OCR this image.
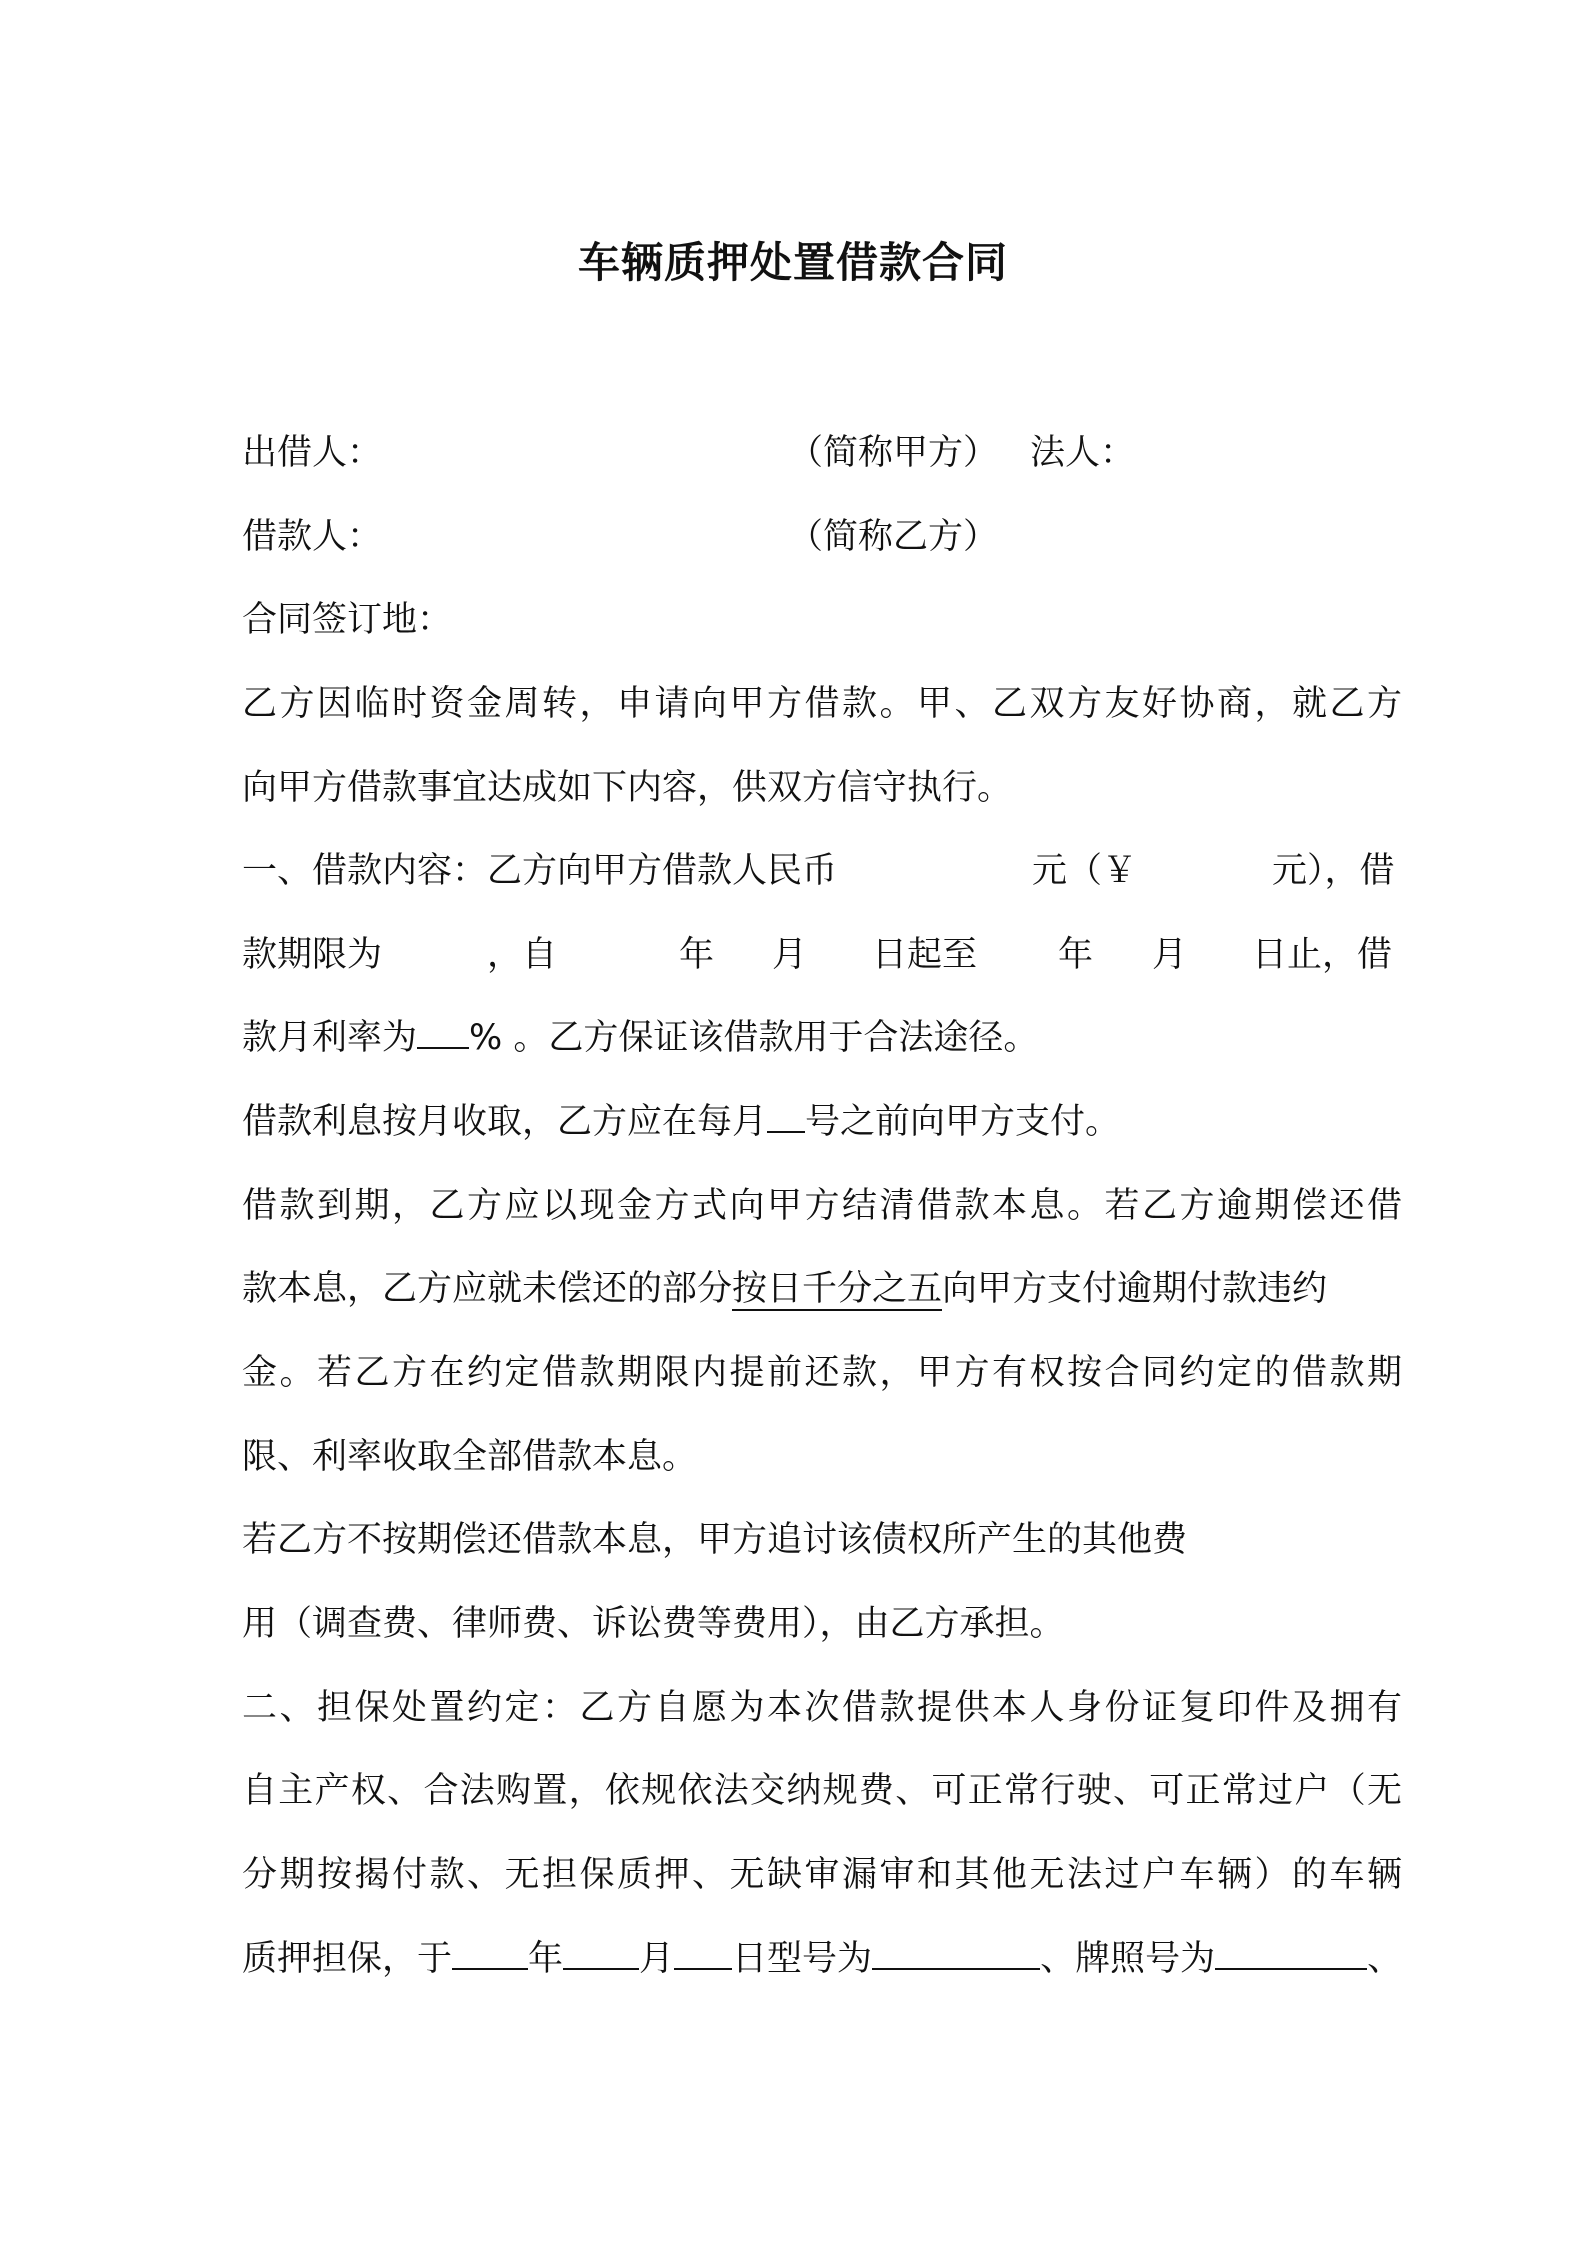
车辆质押处置借款合同
出借人：	（简称甲方） 法人：
借款人：	（简称乙方）
合同签订地：
乙方因临时资金周转，申请向甲方借款。甲、乙双方友好协商，就乙方
向甲方借款事宜达成如下内容，供双方信守执行。
一、借款内容：乙方向甲方借款人民币	元（￥	元），借
款期限为	，自	年 月 日起至 年 月 日止，借
款月利率为 % 。乙方保证该借款用于合法途径。
借款利息按月收取，乙方应在每月 号之前向甲方支付。
借款到期，乙方应以现金方式向甲方结清借款本息。若乙方逾期偿还借
款本息，乙方应就未偿还的部分按日千分之五向甲方支付逾期付款违约
金。若乙方在约定借款期限内提前还款，甲方有权按合同约定的借款期
限、利率收取全部借款本息。
若乙方不按期偿还借款本息，甲方追讨该债权所产生的其他费
用（调查费、律师费、诉讼费等费用），由乙方承担。
二、担保处置约定：乙方自愿为本次借款提供本人身份证复印件及拥有
自主产权、合法购置，依规依法交纳规费、可正常行驶、可正常过户（无
分期按揭付款、无担保质押、无缺审漏审和其他无法过户车辆）的车辆
质押担保，于 年 月 日型号为	、牌照号为	、
